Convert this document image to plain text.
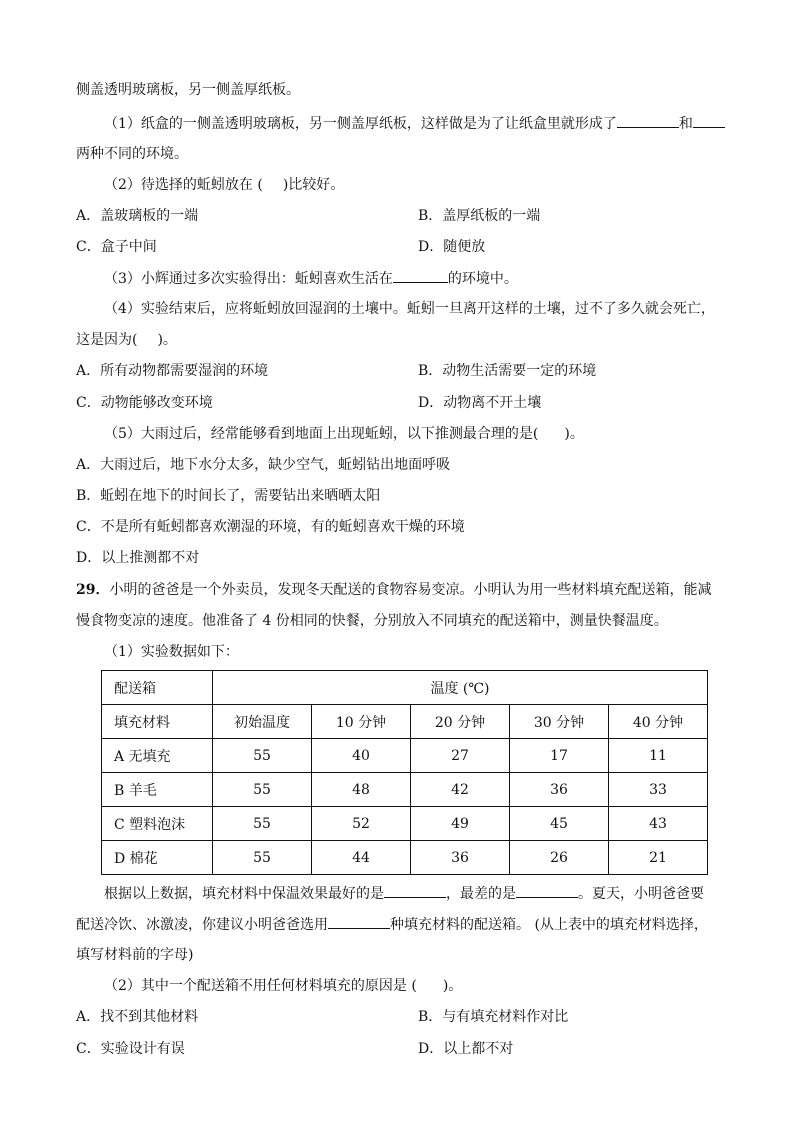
侧盖透明玻璃板，另一侧盖厚纸板。
（1）纸盒的一侧盖透明玻璃板，另一侧盖厚纸板，这样做是为了让纸盒里就形成了	和
两种不同的环境。
（2）待选择的蚯蚓放在 ( )比较好。
A．盖玻璃板的一端	B．盖厚纸板的一端
C．盒子中间	D．随便放
（3）小辉通过多次实验得出：蚯蚓喜欢生活在	的环境中。
（4）实验结束后，应将蚯蚓放回湿润的土壤中。蚯蚓一旦离开这样的土壤，过不了多久就会死亡，
这是因为( )。
A．所有动物都需要湿润的环境	B．动物生活需要一定的环境
C．动物能够改变环境	D．动物离不开土壤
（5）大雨过后，经常能够看到地面上出现蚯蚓，以下推测最合理的是( )。
A．大雨过后，地下水分太多，缺少空气，蚯蚓钻出地面呼吸
B．蚯蚓在地下的时间长了，需要钻出来晒晒太阳
C．不是所有蚯蚓都喜欢潮湿的环境，有的蚯蚓喜欢干燥的环境
D．以上推测都不对
29．小明的爸爸是一个外卖员，发现冬天配送的食物容易变凉。小明认为用一些材料填充配送箱，能减
慢食物变凉的速度。他准备了 4 份相同的快餐，分别放入不同填充的配送箱中，测量快餐温度。
（1）实验数据如下：
配送箱	温度 (℃)				
填充材料	初始温度	10 分钟	20 分钟	30 分钟	40 分钟
A 无填充	55	40	27	17	11
B 羊毛	55	48	42	36	33
C 塑料泡沫	55	52	49	45	43
D 棉花	55	44	36	26	21
根据以上数据，填充材料中保温效果最好的是	，最差的是	。夏天，小明爸爸要
配送冷饮、冰激凌，你建议小明爸爸选用	种填充材料的配送箱。 (从上表中的填充材料选择，
填写材料前的字母)
（2）其中一个配送箱不用任何材料填充的原因是 ( )。
A．找不到其他材料	B．与有填充材料作对比
C．实验设计有误	D．以上都不对
